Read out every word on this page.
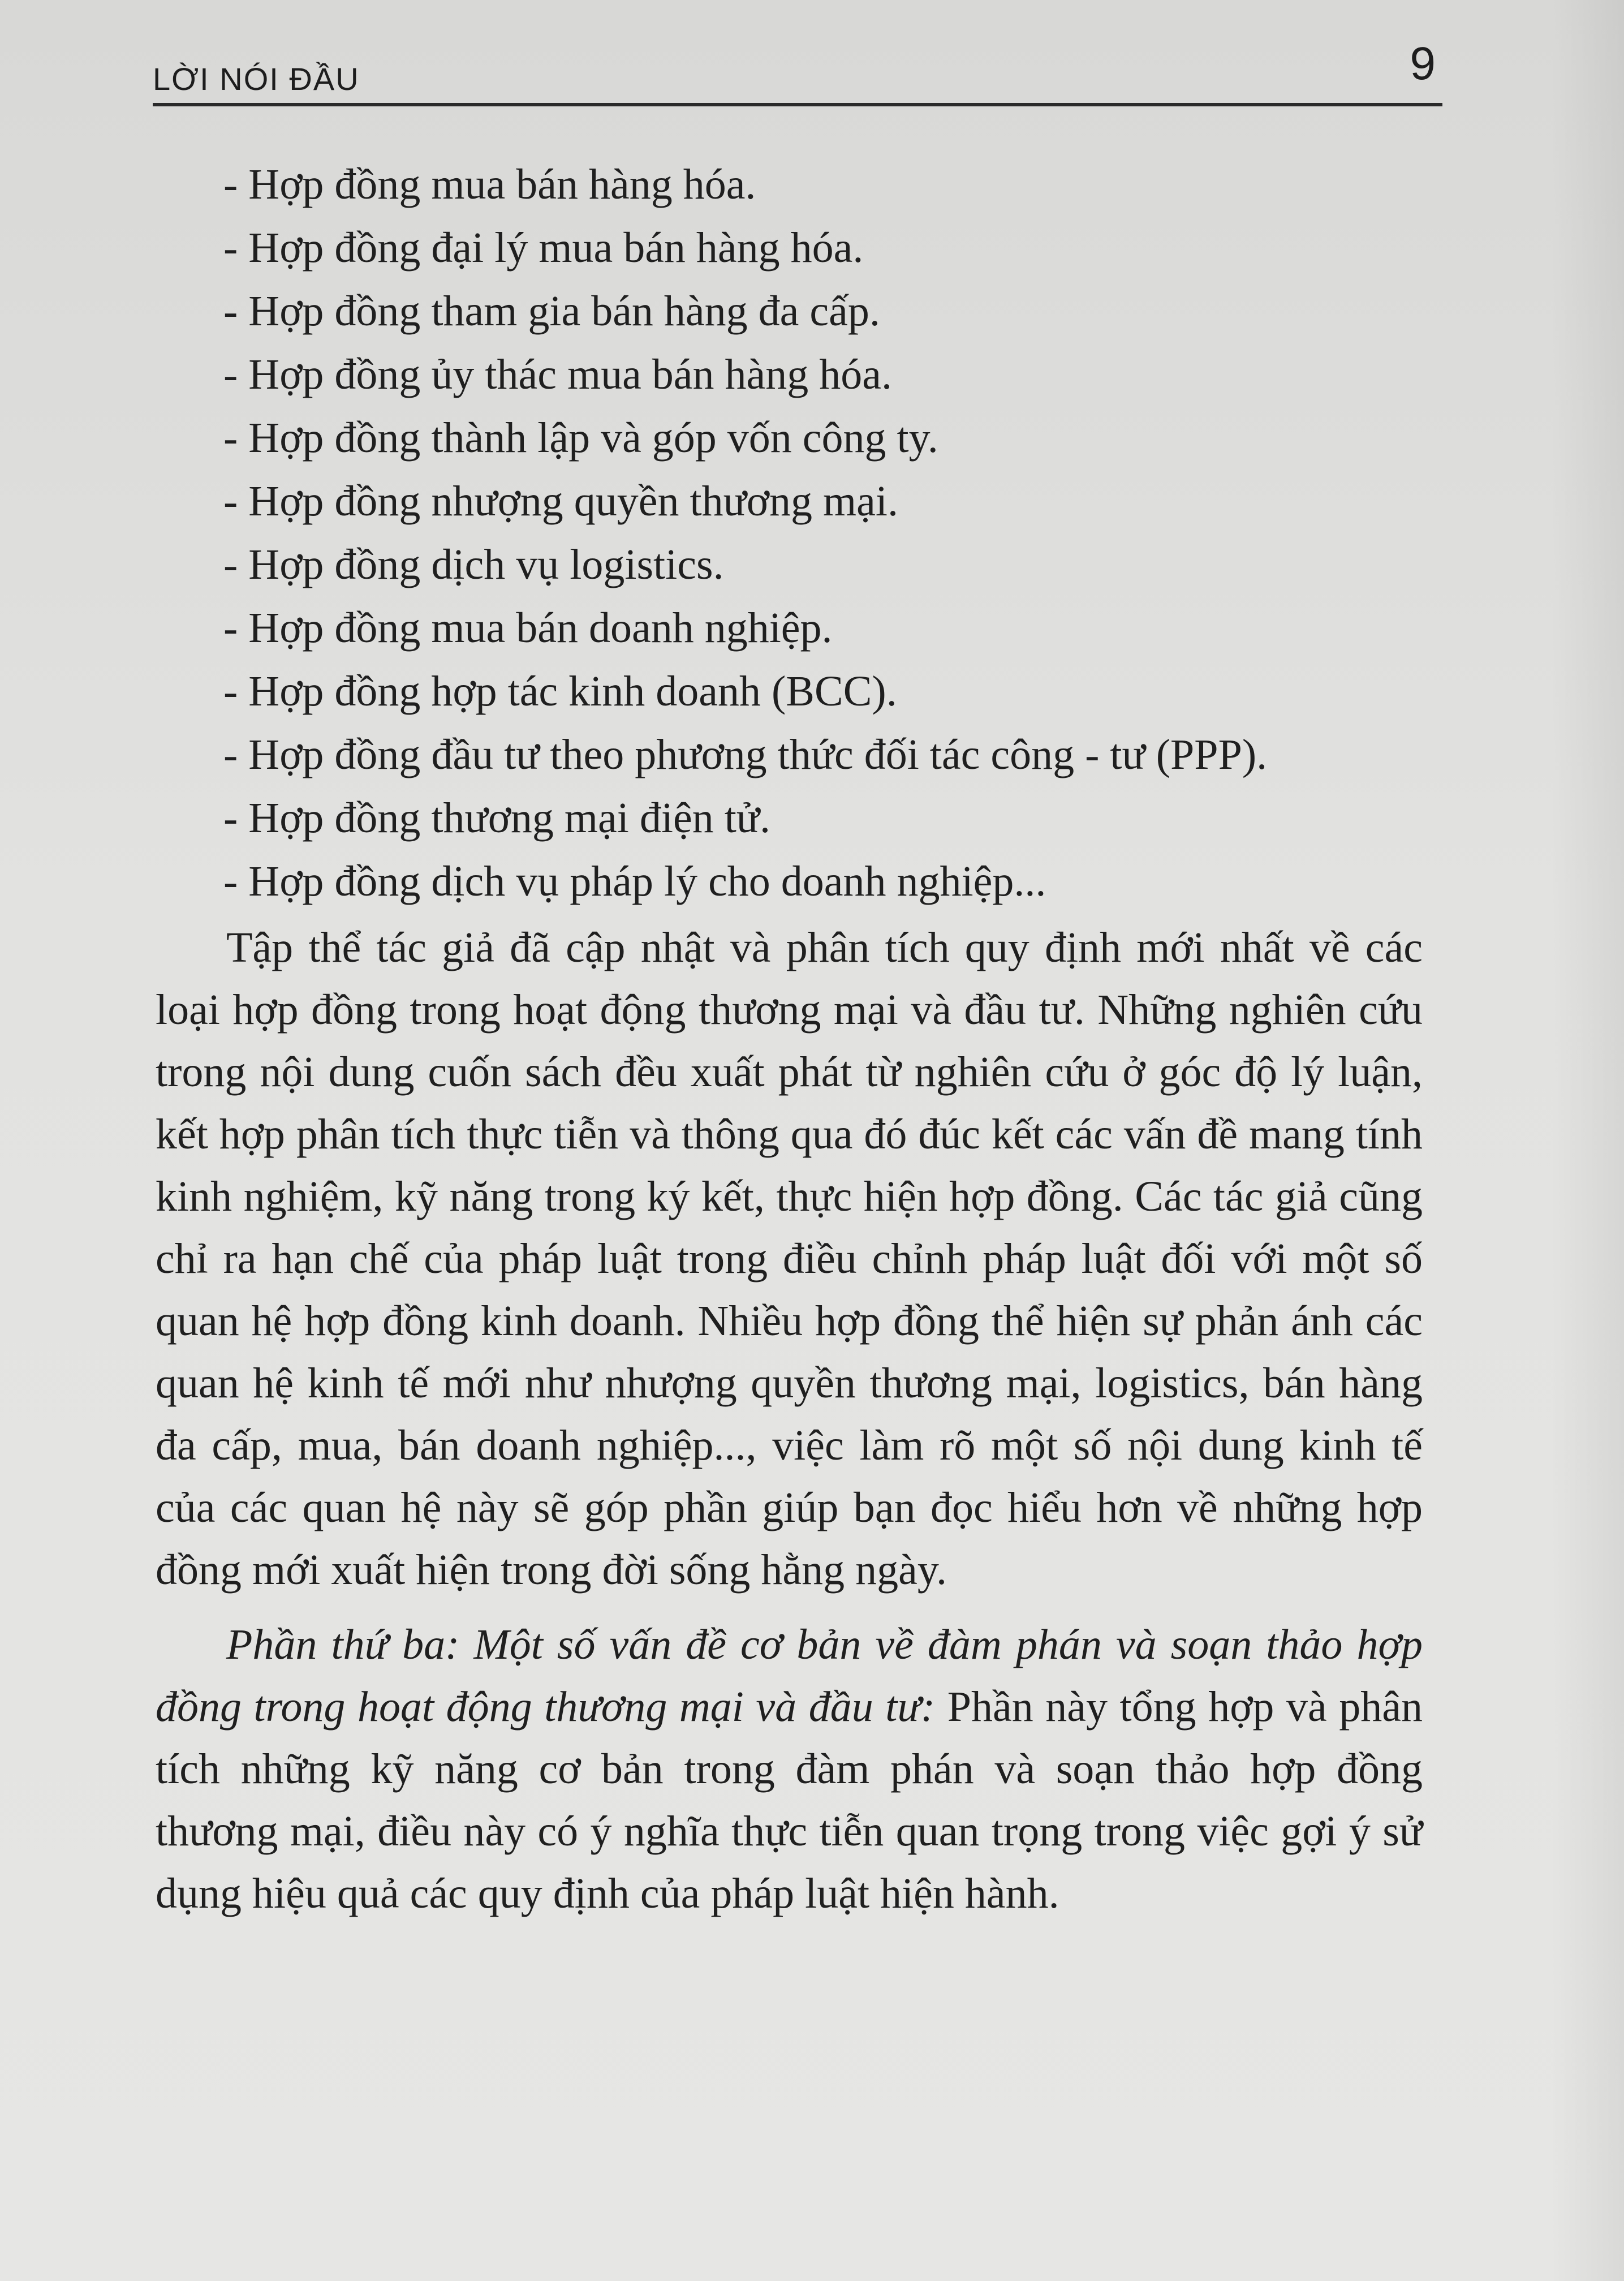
LỜI NÓI ĐẦU	9
- Hợp đồng mua bán hàng hóa.
- Hợp đồng đại lý mua bán hàng hóa.
- Hợp đồng tham gia bán hàng đa cấp.
- Hợp đồng ủy thác mua bán hàng hóa.
- Hợp đồng thành lập và góp vốn công ty.
- Hợp đồng nhượng quyền thương mại.
- Hợp đồng dịch vụ logistics.
- Hợp đồng mua bán doanh nghiệp.
- Hợp đồng hợp tác kinh doanh (BCC).
- Hợp đồng đầu tư theo phương thức đối tác công - tư (PPP).
- Hợp đồng thương mại điện tử.
- Hợp đồng dịch vụ pháp lý cho doanh nghiệp...

Tập thể tác giả đã cập nhật và phân tích quy định mới nhất về các loại hợp đồng trong hoạt động thương mại và đầu tư. Những nghiên cứu trong nội dung cuốn sách đều xuất phát từ nghiên cứu ở góc độ lý luận, kết hợp phân tích thực tiễn và thông qua đó đúc kết các vấn đề mang tính kinh nghiệm, kỹ năng trong ký kết, thực hiện hợp đồng. Các tác giả cũng chỉ ra hạn chế của pháp luật trong điều chỉnh pháp luật đối với một số quan hệ hợp đồng kinh doanh. Nhiều hợp đồng thể hiện sự phản ánh các quan hệ kinh tế mới như nhượng quyền thương mại, logistics, bán hàng đa cấp, mua, bán doanh nghiệp..., việc làm rõ một số nội dung kinh tế của các quan hệ này sẽ góp phần giúp bạn đọc hiểu hơn về những hợp đồng mới xuất hiện trong đời sống hằng ngày.

Phần thứ ba: Một số vấn đề cơ bản về đàm phán và soạn thảo hợp đồng trong hoạt động thương mại và đầu tư: Phần này tổng hợp và phân tích những kỹ năng cơ bản trong đàm phán và soạn thảo hợp đồng thương mại, điều này có ý nghĩa thực tiễn quan trọng trong việc gợi ý sử dụng hiệu quả các quy định của pháp luật hiện hành.
